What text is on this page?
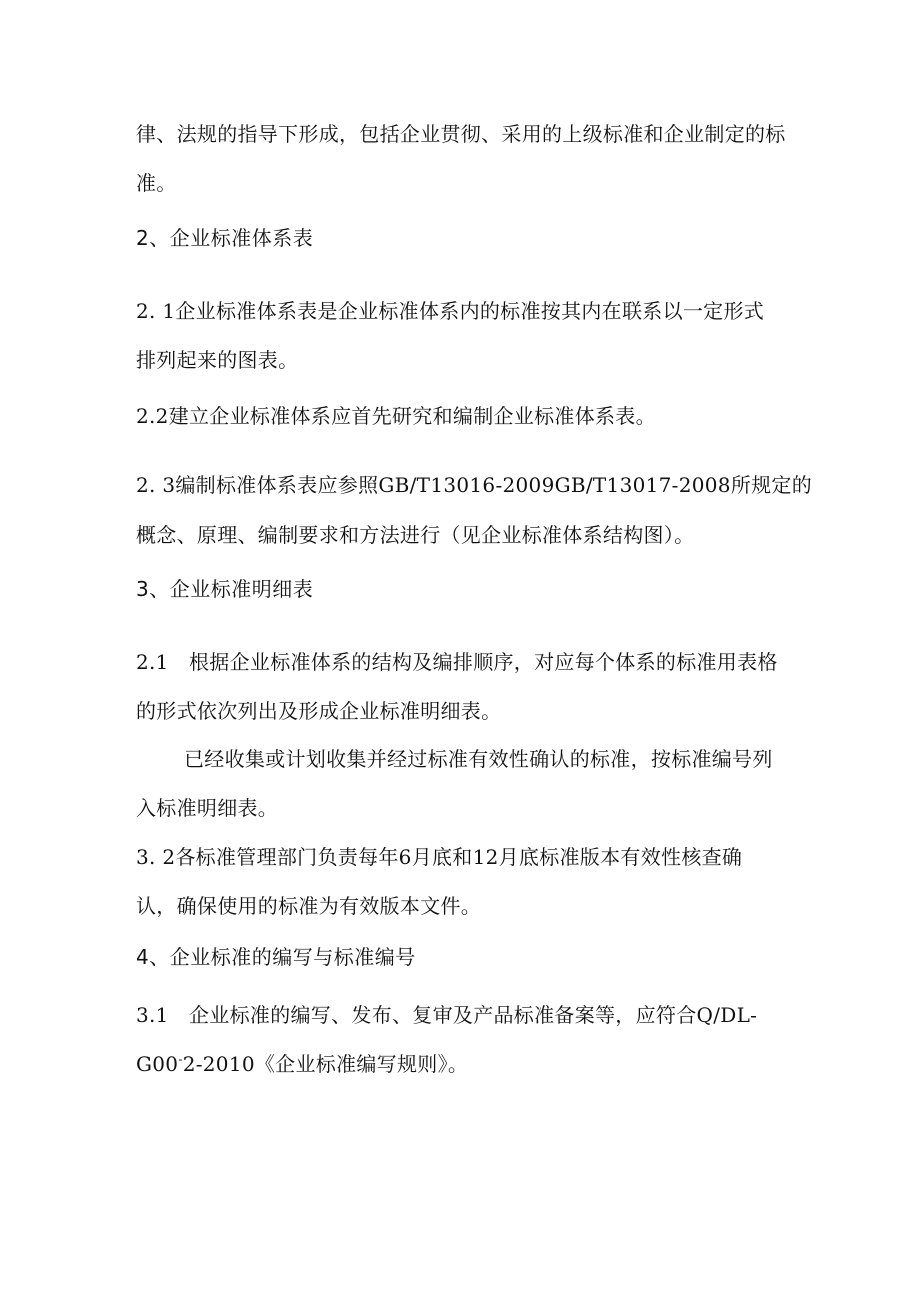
律、法规的指导下形成，包括企业贯彻、采用的上级标准和企业制定的标
准。
2、企业标准体系表
2. 1企业标准体系表是企业标准体系内的标准按其内在联系以一定形式
排列起来的图表。
2.2建立企业标准体系应首先研究和编制企业标准体系表。
2. 3编制标准体系表应参照GB/T13016-2009GB/T13017-2008所规定的
概念、原理、编制要求和方法进行（见企业标准体系结构图）。
3、企业标准明细表
2.1　根据企业标准体系的结构及编排顺序，对应每个体系的标准用表格
的形式依次列出及形成企业标准明细表。
已经收集或计划收集并经过标准有效性确认的标准，按标准编号列
入标准明细表。
3. 2各标准管理部门负责每年6月底和12月底标准版本有效性核查确
认，确保使用的标准为有效版本文件。
4、企业标准的编写与标准编号
3.1　企业标准的编写、发布、复审及产品标准备案等，应符合Q/DL-
G00-2-2010《企业标准编写规则》。
